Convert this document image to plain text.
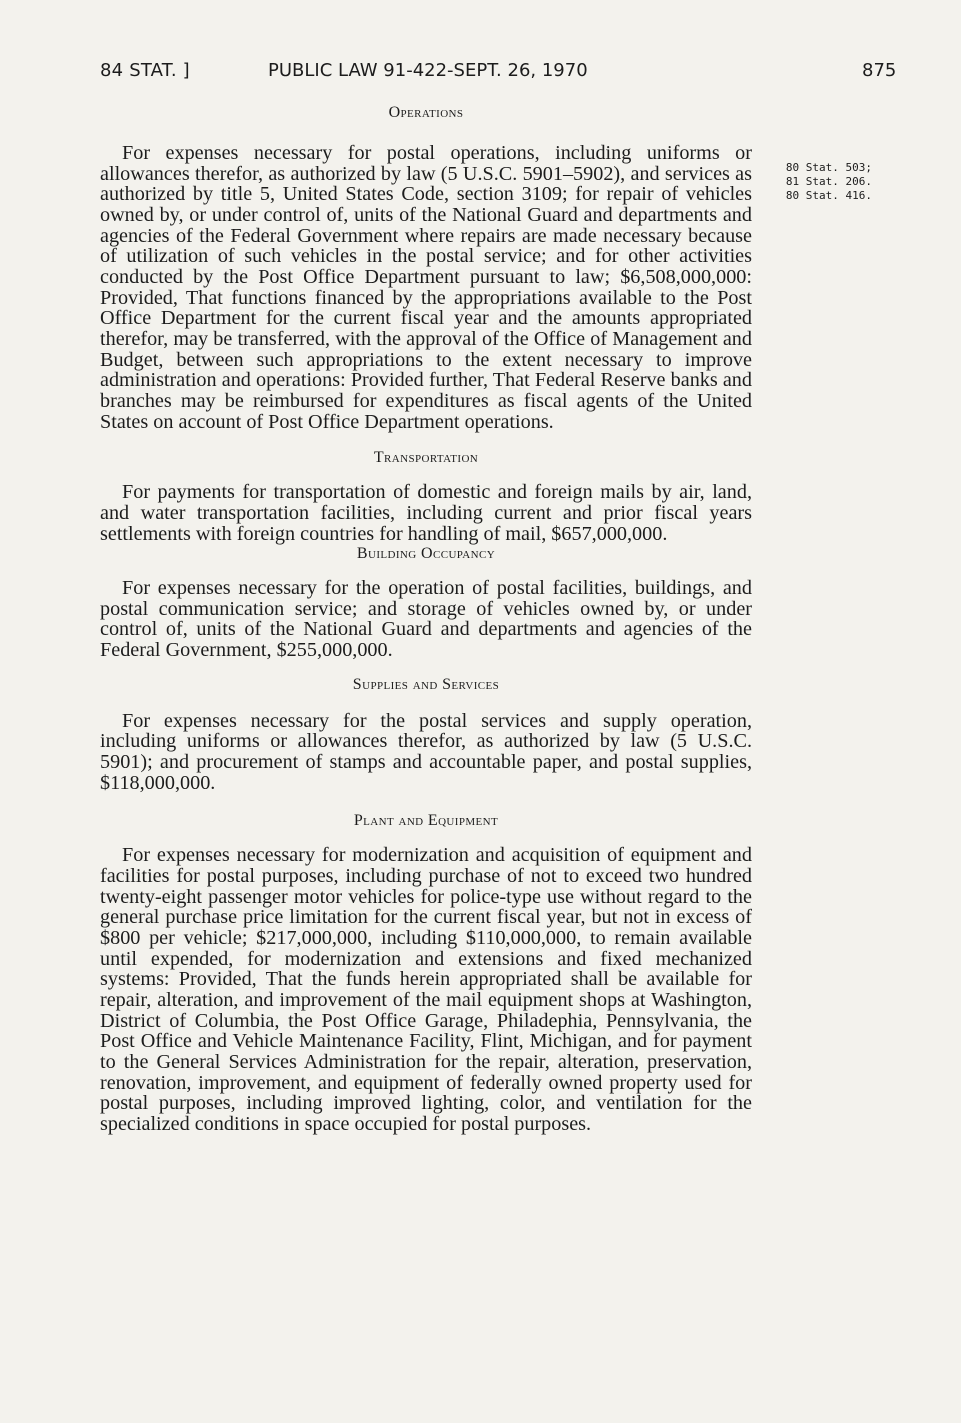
84 STAT. ]	PUBLIC LAW 91-422-SEPT. 26, 1970	875
80 Stat. 503;
81 Stat. 206.
80 Stat. 416.
Operations

For expenses necessary for postal operations, including uniforms or allowances therefor, as authorized by law (5 U.S.C. 5901–5902), and services as authorized by title 5, United States Code, section 3109; for repair of vehicles owned by, or under control of, units of the National Guard and departments and agencies of the Federal Government where repairs are made necessary because of utilization of such vehicles in the postal service; and for other activities conducted by the Post Office Department pursuant to law; $6,508,000,000: Provided, That functions financed by the appropriations available to the Post Office Department for the current fiscal year and the amounts appropriated therefor, may be transferred, with the approval of the Office of Management and Budget, between such appropriations to the extent necessary to improve administration and operations: Provided further, That Federal Reserve banks and branches may be reimbursed for expenditures as fiscal agents of the United States on account of Post Office Department operations.

Transportation

For payments for transportation of domestic and foreign mails by air, land, and water transportation facilities, including current and prior fiscal years settlements with foreign countries for handling of mail, $657,000,000.

Building Occupancy

For expenses necessary for the operation of postal facilities, buildings, and postal communication service; and storage of vehicles owned by, or under control of, units of the National Guard and departments and agencies of the Federal Government, $255,000,000.

Supplies and Services

For expenses necessary for the postal services and supply operation, including uniforms or allowances therefor, as authorized by law (5 U.S.C. 5901); and procurement of stamps and accountable paper, and postal supplies, $118,000,000.

Plant and Equipment

For expenses necessary for modernization and acquisition of equipment and facilities for postal purposes, including purchase of not to exceed two hundred twenty-eight passenger motor vehicles for police-type use without regard to the general purchase price limitation for the current fiscal year, but not in excess of $800 per vehicle; $217,000,000, including $110,000,000, to remain available until expended, for modernization and extensions and fixed mechanized systems: Provided, That the funds herein appropriated shall be available for repair, alteration, and improvement of the mail equipment shops at Washington, District of Columbia, the Post Office Garage, Philadephia, Pennsylvania, the Post Office and Vehicle Maintenance Facility, Flint, Michigan, and for payment to the General Services Administration for the repair, alteration, preservation, renovation, improvement, and equipment of federally owned property used for postal purposes, including improved lighting, color, and ventilation for the specialized conditions in space occupied for postal purposes.
